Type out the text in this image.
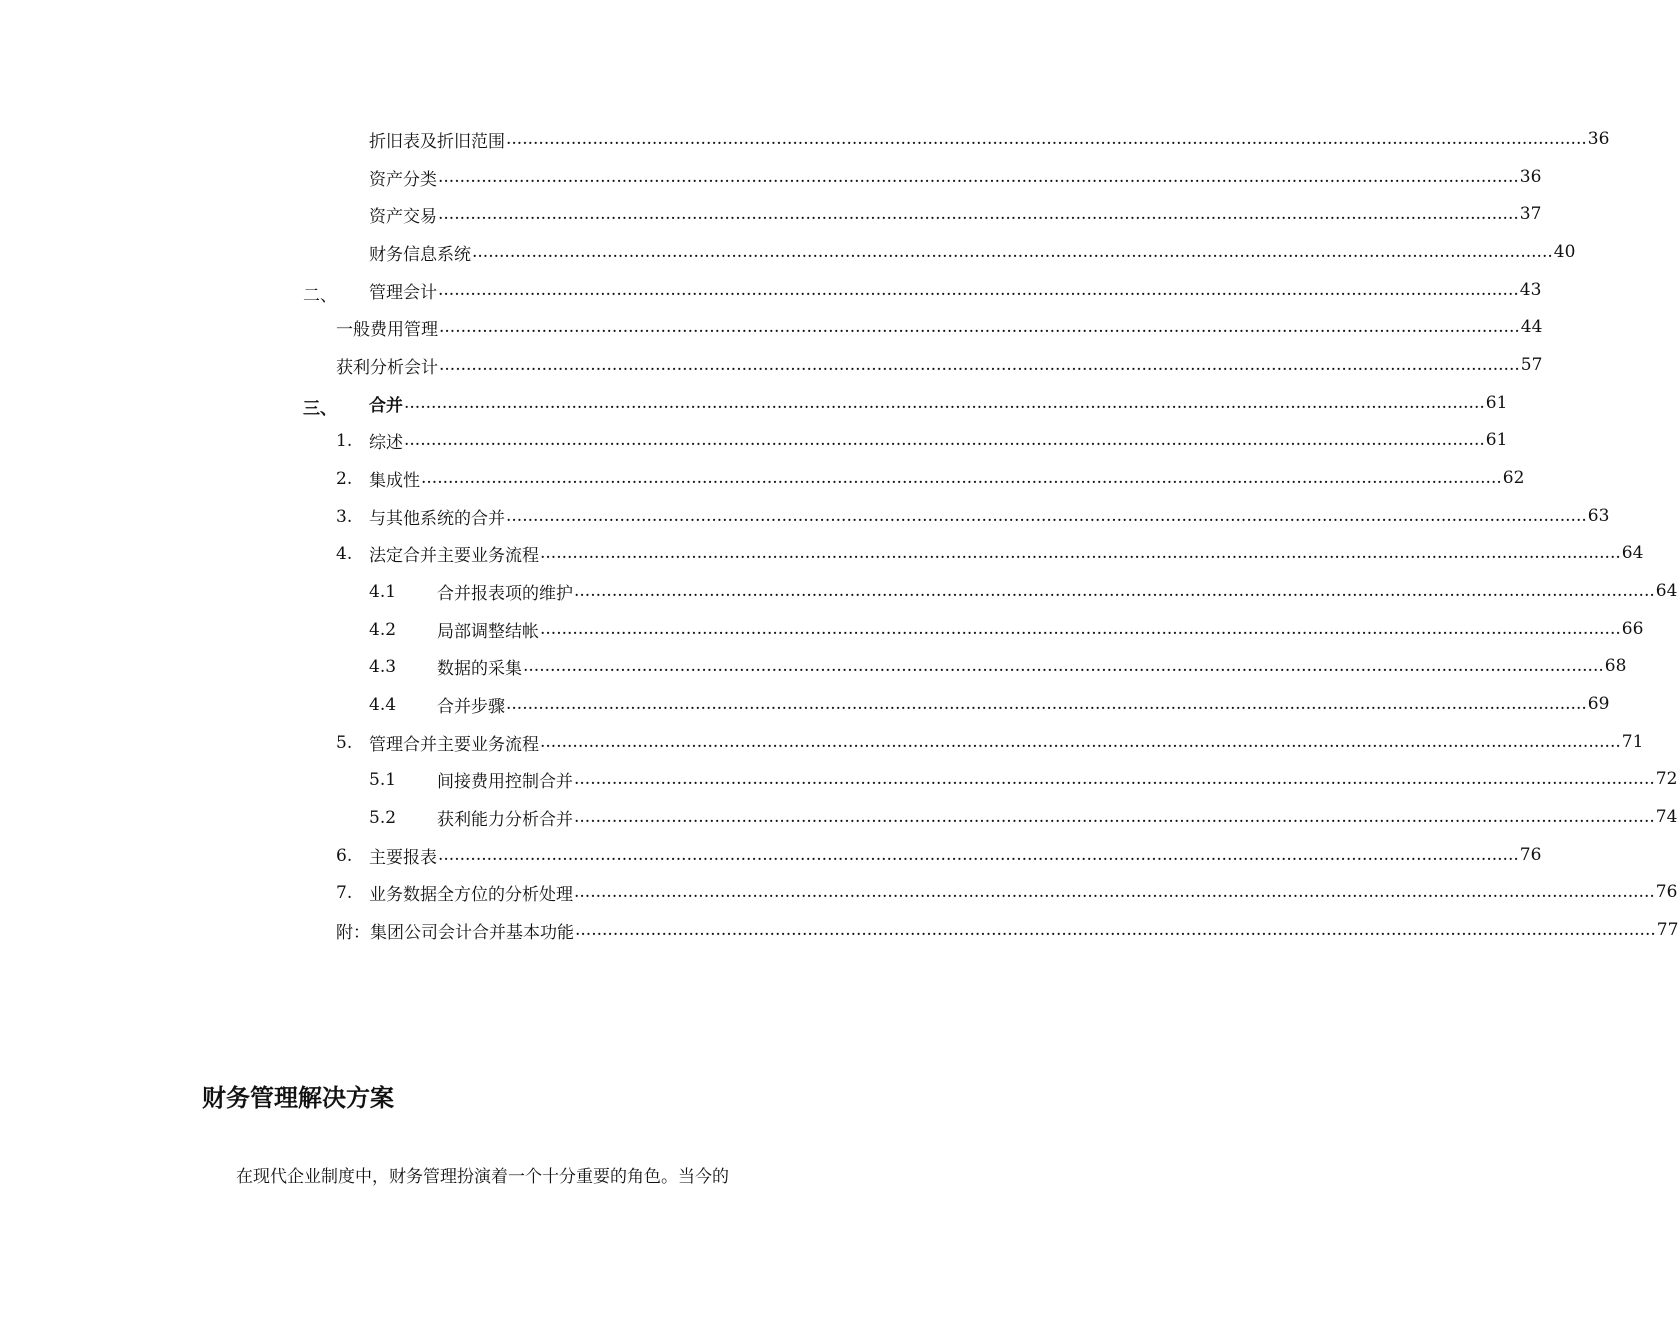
折旧表及折旧范围 ........................................................................................................................................................................................................ 36
资产分类 ........................................................................................................................................................................................................ 36
资产交易 ........................................................................................................................................................................................................ 37
财务信息系统 ........................................................................................................................................................................................................ 40
二、 管理会计 ........................................................................................................................................................................................................ 43
一般费用管理 ........................................................................................................................................................................................................ 44
获利分析会计 ........................................................................................................................................................................................................ 57
三、 合并 ........................................................................................................................................................................................................ 61
1. 综述 ........................................................................................................................................................................................................ 61
2. 集成性 ........................................................................................................................................................................................................ 62
3. 与其他系统的合并 ........................................................................................................................................................................................................ 63
4. 法定合并主要业务流程 ........................................................................................................................................................................................................ 64
4.1 合并报表项的维护 ........................................................................................................................................................................................................ 64
4.2 局部调整结帐 ........................................................................................................................................................................................................ 66
4.3 数据的采集 ........................................................................................................................................................................................................ 68
4.4 合并步骤 ........................................................................................................................................................................................................ 69
5. 管理合并主要业务流程 ........................................................................................................................................................................................................ 71
5.1 间接费用控制合并 ........................................................................................................................................................................................................ 72
5.2 获利能力分析合并 ........................................................................................................................................................................................................ 74
6. 主要报表 ........................................................................................................................................................................................................ 76
7. 业务数据全方位的分析处理 ........................................................................................................................................................................................................ 76
附：集团公司会计合并基本功能 ........................................................................................................................................................................................................ 77
财务管理解决方案
在现代企业制度中，财务管理扮演着一个十分重要的角色。当今的
